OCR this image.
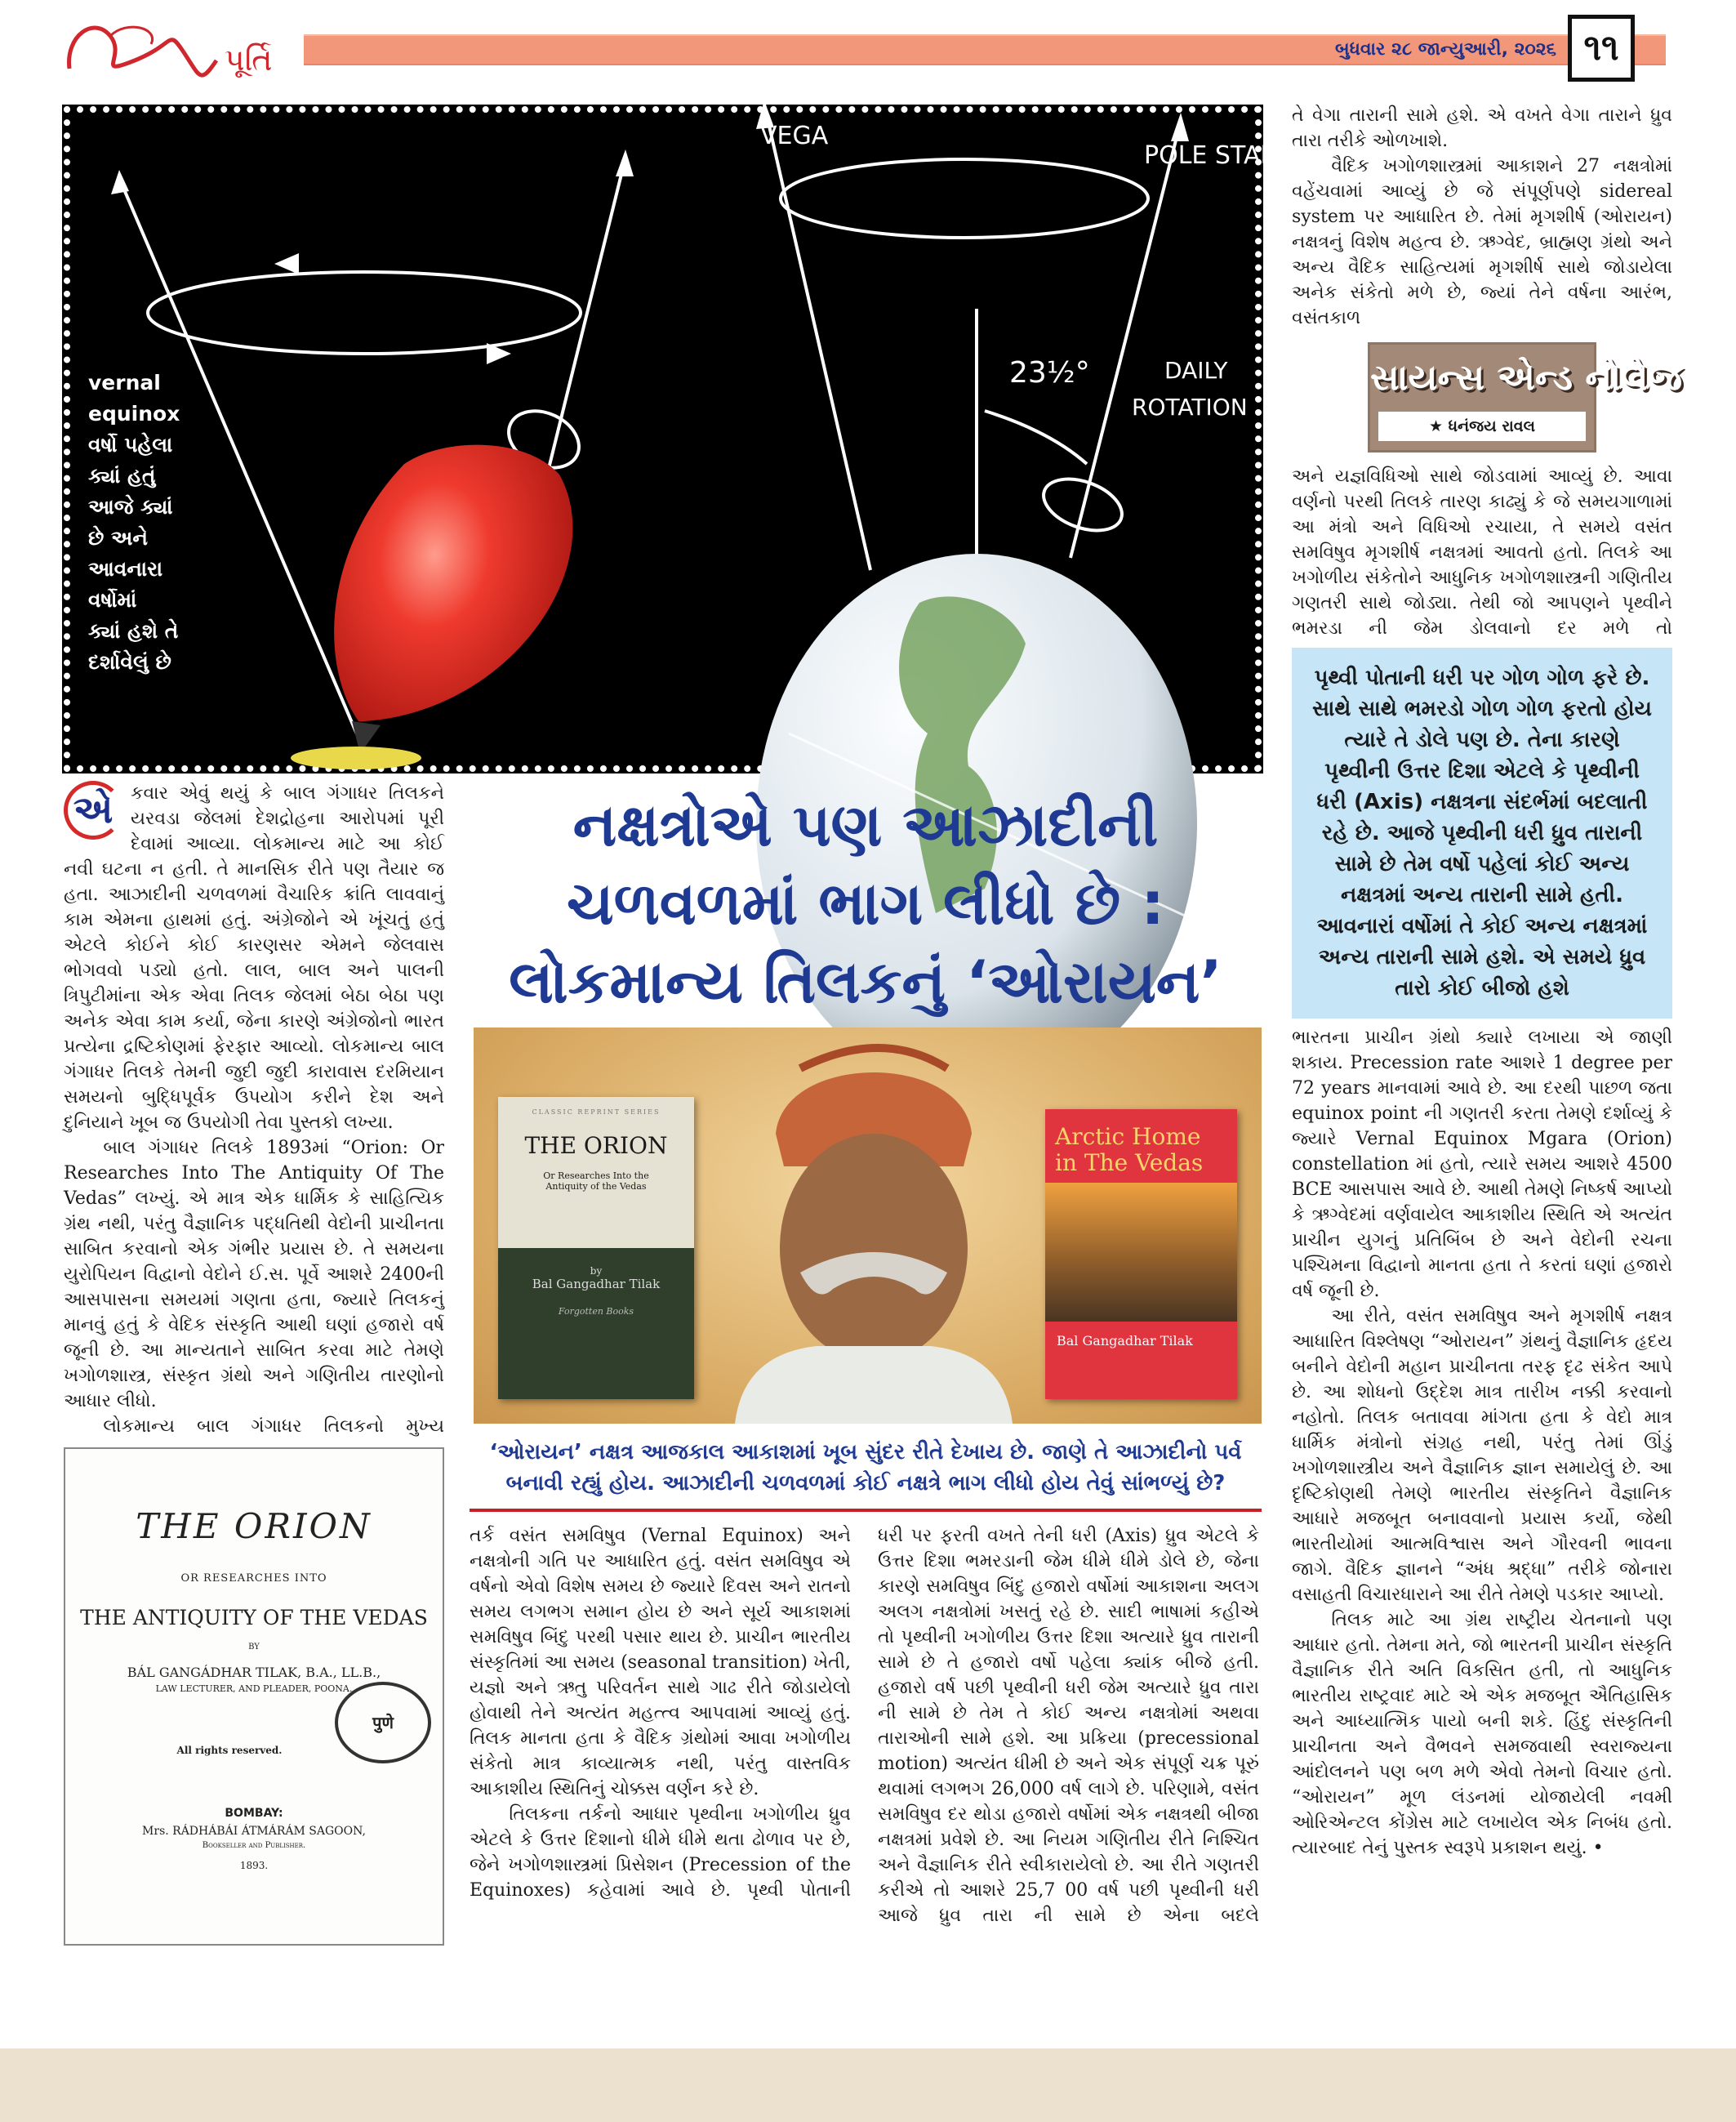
પૂર્તિ	બુધવાર ૨૮ જાન્યુઆરી, ૨૦૨૬ ૧૧
VEGA
POLE STAR
23½°	DAILY
ROTATION
vernal
equinox
વર્ષો પહેલા
ક્યાં હતું
આજે ક્યાં
છે અને
આવનારા
વર્ષોમાં
ક્યાં હશે તે
દર્શાવેલું છે

તે વેગા તારાની સામે હશે. એ વખતે વેગા તારાને ધ્રુવ તારા તરીકે ઓળખાશે.

વૈદિક ખગોળશાસ્ત્રમાં આકાશને 27 નક્ષત્રોમાં વહેંચવામાં આવ્યું છે જે સંપૂર્ણપણે sidereal system પર આધારિત છે. તેમાં મૃગશીર્ષ (ઓરાયન) નક્ષત્રનું વિશેષ મહત્વ છે. ઋગ્વેદ, બ્રાહ્મણ ગ્રંથો અને અન્ય વૈદિક સાહિત્યમાં મૃગશીર્ષ સાથે જોડાયેલા અનેક સંકેતો મળે છે, જ્યાં તેને વર્ષના આરંભ, વસંતકાળ

સાયન્સ એન્ડ નોલેજ
★ ધનંજય રાવલ

અને યજ્ઞવિધિઓ સાથે જોડવામાં આવ્યું છે. આવા વર્ણનો પરથી તિલકે તારણ કાઢ્યું કે જે સમયગાળામાં આ મંત્રો અને વિધિઓ રચાયા, તે સમયે વસંત સમવિષુવ મૃગશીર્ષ નક્ષત્રમાં આવતો હતો. તિલકે આ ખગોળીય સંકેતોને આધુનિક ખગોળશાસ્ત્રની ગણિતીય ગણતરી સાથે જોડ્યા. તેથી જો આપણને પૃથ્વીને ભમરડા ની જેમ ડોલવાનો દર મળે તો

પૃથ્વી પોતાની ધરી પર ગોળ ગોળ ફરે છે. સાથે સાથે ભમરડો ગોળ ગોળ ફરતો હોય ત્યારે તે ડોલે પણ છે. તેના કારણે પૃથ્વીની ઉત્તર દિશા એટલે કે પૃથ્વીની ધરી (Axis) નક્ષત્રના સંદર્ભમાં બદલાતી રહે છે. આજે પૃથ્વીની ધરી ધ્રુવ તારાની સામે છે તેમ વર્ષો પહેલાં કોઈ અન્ય નક્ષત્રમાં અન્ય તારાની સામે હતી. આવનારાં વર્ષોમાં તે કોઈ અન્ય નક્ષત્રમાં અન્ય તારાની સામે હશે. એ સમયે ધ્રુવ તારો કોઈ બીજો હશે

ભારતના પ્રાચીન ગ્રંથો ક્યારે લખાયા એ જાણી શકાય. Precession rate આશરે 1 degree per 72 years માનવામાં આવે છે. આ દરથી પાછળ જતા equinox point ની ગણતરી કરતા તેમણે દર્શાવ્યું કે જ્યારે Vernal Equinox Mgara (Orion) constellation માં હતો, ત્યારે સમય આશરે 4500 BCE આસપાસ આવે છે. આથી તેમણે નિષ્કર્ષ આપ્યો કે ઋગ્વેદમાં વર્ણવાયેલ આકાશીય સ્થિતિ એ અત્યંત પ્રાચીન યુગનું પ્રતિબિંબ છે અને વેદોની રચના પશ્ચિમના વિદ્વાનો માનતા હતા તે કરતાં ઘણાં હજારો વર્ષ જૂની છે.

આ રીતે, વસંત સમવિષુવ અને મૃગશીર્ષ નક્ષત્ર આધારિત વિશ્લેષણ “ઓરાયન” ગ્રંથનું વૈજ્ઞાનિક હૃદય બનીને વેદોની મહાન પ્રાચીનતા તરફ દૃઢ સંકેત આપે છે. આ શોધનો ઉદ્દેશ માત્ર તારીખ નક્કી કરવાનો નહોતો. તિલક બતાવવા માંગતા હતા કે વેદો માત્ર ધાર્મિક મંત્રોનો સંગ્રહ નથી, પરંતુ તેમાં ઊંડું ખગોળશાસ્ત્રીય અને વૈજ્ઞાનિક જ્ઞાન સમાયેલું છે. આ દૃષ્ટિકોણથી તેમણે ભારતીય સંસ્કૃતિને વૈજ્ઞાનિક આધારે મજબૂત બનાવવાનો પ્રયાસ કર્યો, જેથી ભારતીયોમાં આત્મવિશ્વાસ અને ગૌરવની ભાવના જાગે. વૈદિક જ્ઞાનને “અંધ શ્રદ્ધા” તરીકે જોનારા વસાહતી વિચારધારાને આ રીતે તેમણે પડકાર આપ્યો.

તિલક માટે આ ગ્રંથ રાષ્ટ્રીય ચેતનાનો પણ આધાર હતો. તેમના મતે, જો ભારતની પ્રાચીન સંસ્કૃતિ વૈજ્ઞાનિક રીતે અતિ વિકસિત હતી, તો આધુનિક ભારતીય રાષ્ટ્રવાદ માટે એ એક મજબૂત ઐતિહાસિક અને આધ્યાત્મિક પાયો બની શકે. હિંદુ સંસ્કૃતિની પ્રાચીનતા અને વૈભવને સમજવાથી સ્વરાજ્યના આંદોલનને પણ બળ મળે એવો તેમનો વિચાર હતો. “ઓરાયન” મૂળ લંડનમાં યોજાયેલી નવમી ઓરિએન્ટલ કોંગ્રેસ માટે લખાયેલ એક નિબંધ હતો. ત્યારબાદ તેનું પુસ્તક સ્વરૂપે પ્રકાશન થયું. •

એ કવાર એવું થયું કે બાલ ગંગાધર તિલકને યરવડા જેલમાં દેશદ્રોહના આરોપમાં પૂરી દેવામાં આવ્યા. લોકમાન્ય માટે આ કોઈ નવી ઘટના ન હતી. તે માનસિક રીતે પણ તૈયાર જ હતા. આઝાદીની ચળવળમાં વૈચારિક ક્રાંતિ લાવવાનું કામ એમના હાથમાં હતું. અંગ્રેજોને એ ખૂંચતું હતું એટલે કોઈને કોઈ કારણસર એમને જેલવાસ ભોગવવો પડ્યો હતો. લાલ, બાલ અને પાલની ત્રિપુટીમાંના એક એવા તિલક જેલમાં બેઠા બેઠા પણ અનેક એવા કામ કર્યા, જેના કારણે અંગ્રેજોનો ભારત પ્રત્યેના દ્રષ્ટિકોણમાં ફેરફાર આવ્યો. લોકમાન્ય બાલ ગંગાધર તિલકે તેમની જુદી જુદી કારાવાસ દરમિયાન સમયનો બુદ્ધિપૂર્વક ઉપયોગ કરીને દેશ અને દુનિયાને ખૂબ જ ઉપયોગી તેવા પુસ્તકો લખ્યા.

બાલ ગંગાધર તિલકે 1893માં “Orion: Or Researches Into The Antiquity Of The Vedas” લખ્યું. એ માત્ર એક ધાર્મિક કે સાહિત્યિક ગ્રંથ નથી, પરંતુ વૈજ્ઞાનિક પદ્ધતિથી વેદોની પ્રાચીનતા સાબિત કરવાનો એક ગંભીર પ્રયાસ છે. તે સમયના યુરોપિયન વિદ્વાનો વેદોને ઈ.સ. પૂર્વે આશરે 2400ની આસપાસના સમયમાં ગણતા હતા, જ્યારે તિલકનું માનવું હતું કે વેદિક સંસ્કૃતિ આથી ઘણાં હજારો વર્ષ જૂની છે. આ માન્યતાને સાબિત કરવા માટે તેમણે ખગોળશાસ્ત્ર, સંસ્કૃત ગ્રંથો અને ગણિતીય તારણોનો આધાર લીધો.

લોકમાન્ય બાલ ગંગાધર તિલકનો મુખ્ય

THE ORION
OR RESEARCHES INTO
THE ANTIQUITY OF THE VEDAS
BY
BÁL GANGÁDHAR TILAK, B.A., LL.B.,
LAW LECTURER, AND PLEADER, POONA.
All rights reserved.
पुणे
BOMBAY:
Mrs. RÁDHÁBÁI ÁTMÁRÁM SAGOON,
Bookseller and Publisher.
1893.
નક્ષત્રોએ પણ આઝાદીની
ચળવળમાં ભાગ લીધો છે :
લોકમાન્ય તિલકનું ‘ઓરાયન’
CLASSIC REPRINT SERIES
THE ORION
Or Researches Into the Antiquity of the Vedas
by
Bal Gangadhar Tilak
Forgotten Books
Arctic Home in The Vedas
Bal Gangadhar Tilak
‘ઓરાયન’ નક્ષત્ર આજકાલ આકાશમાં ખૂબ સુંદર રીતે દેખાય છે. જાણે તે આઝાદીનો પર્વ બનાવી રહ્યું હોય. આઝાદીની ચળવળમાં કોઈ નક્ષત્રે ભાગ લીધો હોય તેવું સાંભળ્યું છે?

તર્ક વસંત સમવિષુવ (Vernal Equinox) અને નક્ષત્રોની ગતિ પર આધારિત હતું. વસંત સમવિષુવ એ વર્ષનો એવો વિશેષ સમય છે જ્યારે દિવસ અને રાતનો સમય લગભગ સમાન હોય છે અને સૂર્ય આકાશમાં સમવિષુવ બિંદુ પરથી પસાર થાય છે. પ્રાચીન ભારતીય સંસ્કૃતિમાં આ સમય (seasonal transition) ખેતી, યજ્ઞો અને ઋતુ પરિવર્તન સાથે ગાઢ રીતે જોડાયેલો હોવાથી તેને અત્યંત મહત્ત્વ આપવામાં આવ્યું હતું. તિલક માનતા હતા કે વૈદિક ગ્રંથોમાં આવા ખગોળીય સંકેતો માત્ર કાવ્યાત્મક નથી, પરંતુ વાસ્તવિક આકાશીય સ્થિતિનું ચોક્કસ વર્ણન કરે છે.

તિલકના તર્કનો આધાર પૃથ્વીના ખગોળીય ધ્રુવ એટલે કે ઉત્તર દિશાનો ધીમે ધીમે થતા ઢોળાવ પર છે, જેને ખગોળશાસ્ત્રમાં પ્રિસેશન (Precession of the Equinoxes) કહેવામાં આવે છે. પૃથ્વી પોતાની

ધરી પર ફરતી વખતે તેની ધરી (Axis) ધ્રુવ એટલે કે ઉત્તર દિશા ભમરડાની જેમ ધીમે ધીમે ડોલે છે, જેના કારણે સમવિષુવ બિંદુ હજારો વર્ષોમાં આકાશના અલગ અલગ નક્ષત્રોમાં ખસતું રહે છે. સાદી ભાષામાં કહીએ તો પૃથ્વીની ખગોળીય ઉત્તર દિશા અત્યારે ધ્રુવ તારાની સામે છે તે હજારો વર્ષો પહેલા ક્યાંક બીજે હતી. હજારો વર્ષ પછી પૃથ્વીની ધરી જેમ અત્યારે ધ્રુવ તારા ની સામે છે તેમ તે કોઈ અન્ય નક્ષત્રોમાં અથવા તારાઓની સામે હશે. આ પ્રક્રિયા (precessional motion) અત્યંત ધીમી છે અને એક સંપૂર્ણ ચક્ર પૂરું થવામાં લગભગ 26,000 વર્ષ લાગે છે. પરિણામે, વસંત સમવિષુવ દર થોડા હજારો વર્ષોમાં એક નક્ષત્રથી બીજા નક્ષત્રમાં પ્રવેશે છે. આ નિયમ ગણિતીય રીતે નિશ્ચિત અને વૈજ્ઞાનિક રીતે સ્વીકારાયેલો છે. આ રીતે ગણતરી કરીએ તો આશરે 25,7 00 વર્ષ પછી પૃથ્વીની ધરી આજે ધ્રુવ તારા ની સામે છે એના બદલે
